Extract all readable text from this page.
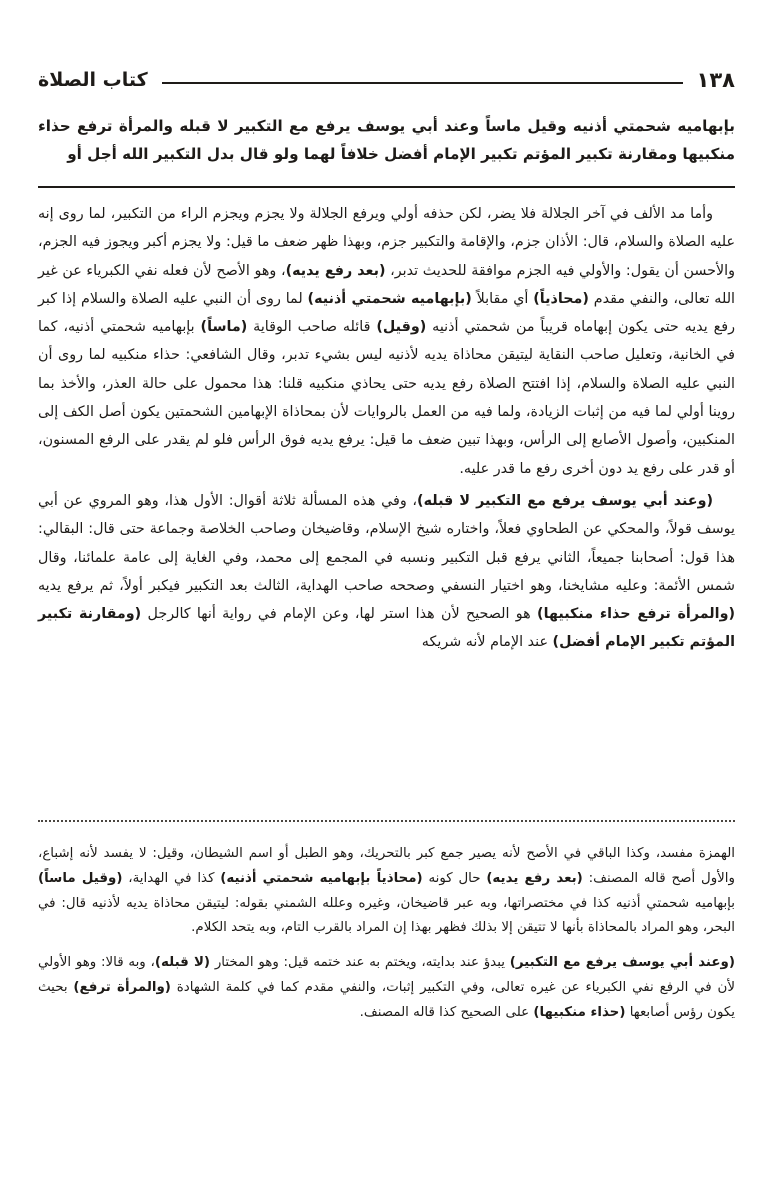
١٣٨
كتاب الصلاة
بإبهاميه شحمتي أذنيه وقيل ماساً وعند أبي يوسف يرفع مع التكبير لا قبله والمرأة ترفع حذاء منكبيها ومقارنة تكبير المؤتم تكبير الإمام أفضل خلافاً لهما ولو قال بدل التكبير الله أجل أو

وأما مد الألف في آخر الجلالة فلا يضر، لكن حذفه أولي ويرفع الجلالة ولا يجزم ويجزم الراء من التكبير، لما روى إنه عليه الصلاة والسلام، قال: الأذان جزم، والإقامة والتكبير جزم، وبهذا ظهر ضعف ما قيل: ولا يجزم أكبر ويجوز فيه الجزم، والأحسن أن يقول: والأولي فيه الجزم موافقة للحديث تدبر، (بعد رفع يديه)، وهو الأصح لأن فعله نفي الكبرياء عن غير الله تعالى، والنفي مقدم (محاذياً) أي مقابلاً (بإبهاميه شحمتي أذنيه) لما روى أن النبي عليه الصلاة والسلام إذا كبر رفع يديه حتى يكون إبهاماه قريباً من شحمتي أذنيه (وقيل) قائله صاحب الوقاية (ماساً) بإبهاميه شحمتي أذنيه، كما في الخانية، وتعليل صاحب النقاية ليتيقن محاذاة يديه لأذنيه ليس بشيء تدبر، وقال الشافعي: حذاء منكبيه لما روى أن النبي عليه الصلاة والسلام، إذا افتتح الصلاة رفع يديه حتى يحاذي منكبيه قلنا: هذا محمول على حالة العذر، والأخذ بما روينا أولي لما فيه من إثبات الزيادة، ولما فيه من العمل بالروايات لأن بمحاذاة الإبهامين الشحمتين يكون أصل الكف إلى المنكبين، وأصول الأصابع إلى الرأس، وبهذا تبين ضعف ما قيل: يرفع يديه فوق الرأس فلو لم يقدر على الرفع المسنون، أو قدر على رفع يد دون أخرى رفع ما قدر عليه.

(وعند أبي يوسف يرفع مع التكبير لا قبله)، وفي هذه المسألة ثلاثة أقوال: الأول هذا، وهو المروي عن أبي يوسف قولاً، والمحكي عن الطحاوي فعلاً، واختاره شيخ الإسلام، وقاضيخان وصاحب الخلاصة وجماعة حتى قال: البقالي: هذا قول: أصحابنا جميعاً، الثاني يرفع قبل التكبير ونسبه في المجمع إلى محمد، وفي الغاية إلى عامة علمائنا، وقال شمس الأئمة: وعليه مشايخنا، وهو اختيار النسفي وصححه صاحب الهداية، الثالث بعد التكبير فيكبر أولاً، ثم يرفع يديه (والمرأة ترفع حذاء منكبيها) هو الصحيح لأن هذا استر لها، وعن الإمام في رواية أنها كالرجل (ومقارنة تكبير المؤتم تكبير الإمام أفضل) عند الإمام لأنه شريكه

الهمزة مفسد، وكذا الباقي في الأصح لأنه يصير جمع كبر بالتحريك، وهو الطبل أو اسم الشيطان، وقيل: لا يفسد لأنه إشباع، والأول أصح قاله المصنف: (بعد رفع يديه) حال كونه (محاذياً بإبهاميه شحمتي أذنيه) كذا في الهداية، (وقيل ماساً) بإبهاميه شحمتي أذنيه كذا في مختصراتها، وبه عبر قاضيخان، وغيره وعلله الشمني بقوله: ليتيقن محاذاة يديه لأذنيه قال: في البحر، وهو المراد بالمحاذاة بأنها لا تتيقن إلا بذلك فظهر بهذا إن المراد بالقرب التام، وبه يتحد الكلام.

(وعند أبي يوسف يرفع مع التكبير) يبدؤ عند بدايته، ويختم به عند ختمه قيل: وهو المختار (لا قبله)، وبه قالا: وهو الأولي لأن في الرفع نفي الكبرياء عن غيره تعالى، وفي التكبير إثبات، والنفي مقدم كما في كلمة الشهادة (والمرأة ترفع) بحيث يكون رؤس أصابعها (حذاء منكبيها) على الصحيح كذا قاله المصنف.
